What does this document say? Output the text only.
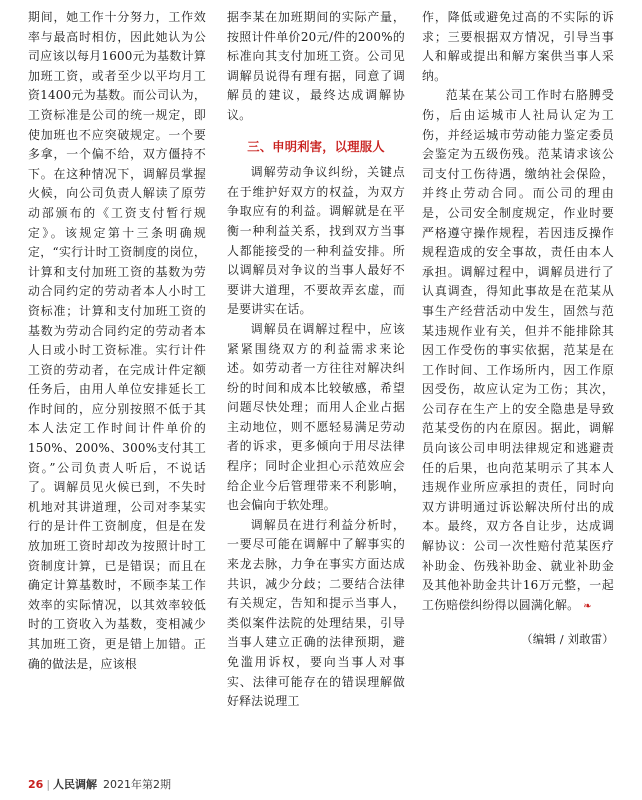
期间，她工作十分努力，工作效率与最高时相仿，因此她认为公司应该以每月1600元为基数计算加班工资，或者至少以平均月工资1400元为基数。而公司认为，工资标准是公司的统一规定，即使加班也不应突破规定。一个要多拿，一个偏不给，双方僵持不下。在这种情况下，调解员掌握火候，向公司负责人解读了原劳动部颁布的《工资支付暂行规定》。该规定第十三条明确规定，“实行计时工资制度的岗位，计算和支付加班工资的基数为劳动合同约定的劳动者本人小时工资标准；计算和支付加班工资的基数为劳动合同约定的劳动者本人日或小时工资标准。实行计件工资的劳动者，在完成计件定额任务后，由用人单位安排延长工作时间的，应分别按照不低于其本人法定工作时间计件单价的150%、200%、300%支付其工资。”公司负责人听后，不说话了。调解员见火候已到，不失时机地对其讲道理，公司对李某实行的是计件工资制度，但是在发放加班工资时却改为按照计时工资制度计算，已是错误；而且在确定计算基数时，不顾李某工作效率的实际情况，以其效率较低时的工资收入为基数，变相减少其加班工资，更是错上加错。正确的做法是，应该根

据李某在加班期间的实际产量，按照计件单价20元/件的200%的标准向其支付加班工资。公司见调解员说得有理有据，同意了调解员的建议，最终达成调解协议。

三、申明利害，以理服人

调解劳动争议纠纷，关键点在于维护好双方的权益，为双方争取应有的利益。调解就是在平衡一种利益关系，找到双方当事人都能接受的一种利益安排。所以调解员对争议的当事人最好不要讲大道理，不要故弄玄虚，而是要讲实在话。

调解员在调解过程中，应该紧紧围绕双方的利益需求来论述。如劳动者一方往往对解决纠纷的时间和成本比较敏感，希望问题尽快处理；而用人企业占据主动地位，则不愿轻易满足劳动者的诉求，更多倾向于用尽法律程序；同时企业担心示范效应会给企业今后管理带来不利影响，也会偏向于软处理。

调解员在进行利益分析时，一要尽可能在调解中了解事实的来龙去脉，力争在事实方面达成共识，减少分歧；二要结合法律有关规定，告知和提示当事人，类似案件法院的处理结果，引导当事人建立正确的法律预期，避免滥用诉权，要向当事人对事实、法律可能存在的错误理解做好释法说理工

作，降低或避免过高的不实际的诉求；三要根据双方情况，引导当事人和解或提出和解方案供当事人采纳。

范某在某公司工作时右胳膊受伤，后由运城市人社局认定为工伤，并经运城市劳动能力鉴定委员会鉴定为五级伤残。范某请求该公司支付工伤待遇，缴纳社会保险，并终止劳动合同。而公司的理由是，公司安全制度规定，作业时要严格遵守操作规程，若因违反操作规程造成的安全事故，责任由本人承担。调解过程中，调解员进行了认真调查，得知此事故是在范某从事生产经营活动中发生，固然与范某违规作业有关，但并不能排除其因工作受伤的事实依据，范某是在工作时间、工作场所内，因工作原因受伤，故应认定为工伤；其次，公司存在生产上的安全隐患是导致范某受伤的内在原因。据此，调解员向该公司申明法律规定和逃避责任的后果，也向范某明示了其本人违规作业所应承担的责任，同时向双方讲明通过诉讼解决所付出的成本。最终，双方各自让步，达成调解协议：公司一次性赔付范某医疗补助金、伤残补助金、就业补助金及其他补助金共计16万元整，一起工伤赔偿纠纷得以圆满化解。 ❧

（编辑 / 刘敢雷）
26 | 人民调解 2021年第2期
